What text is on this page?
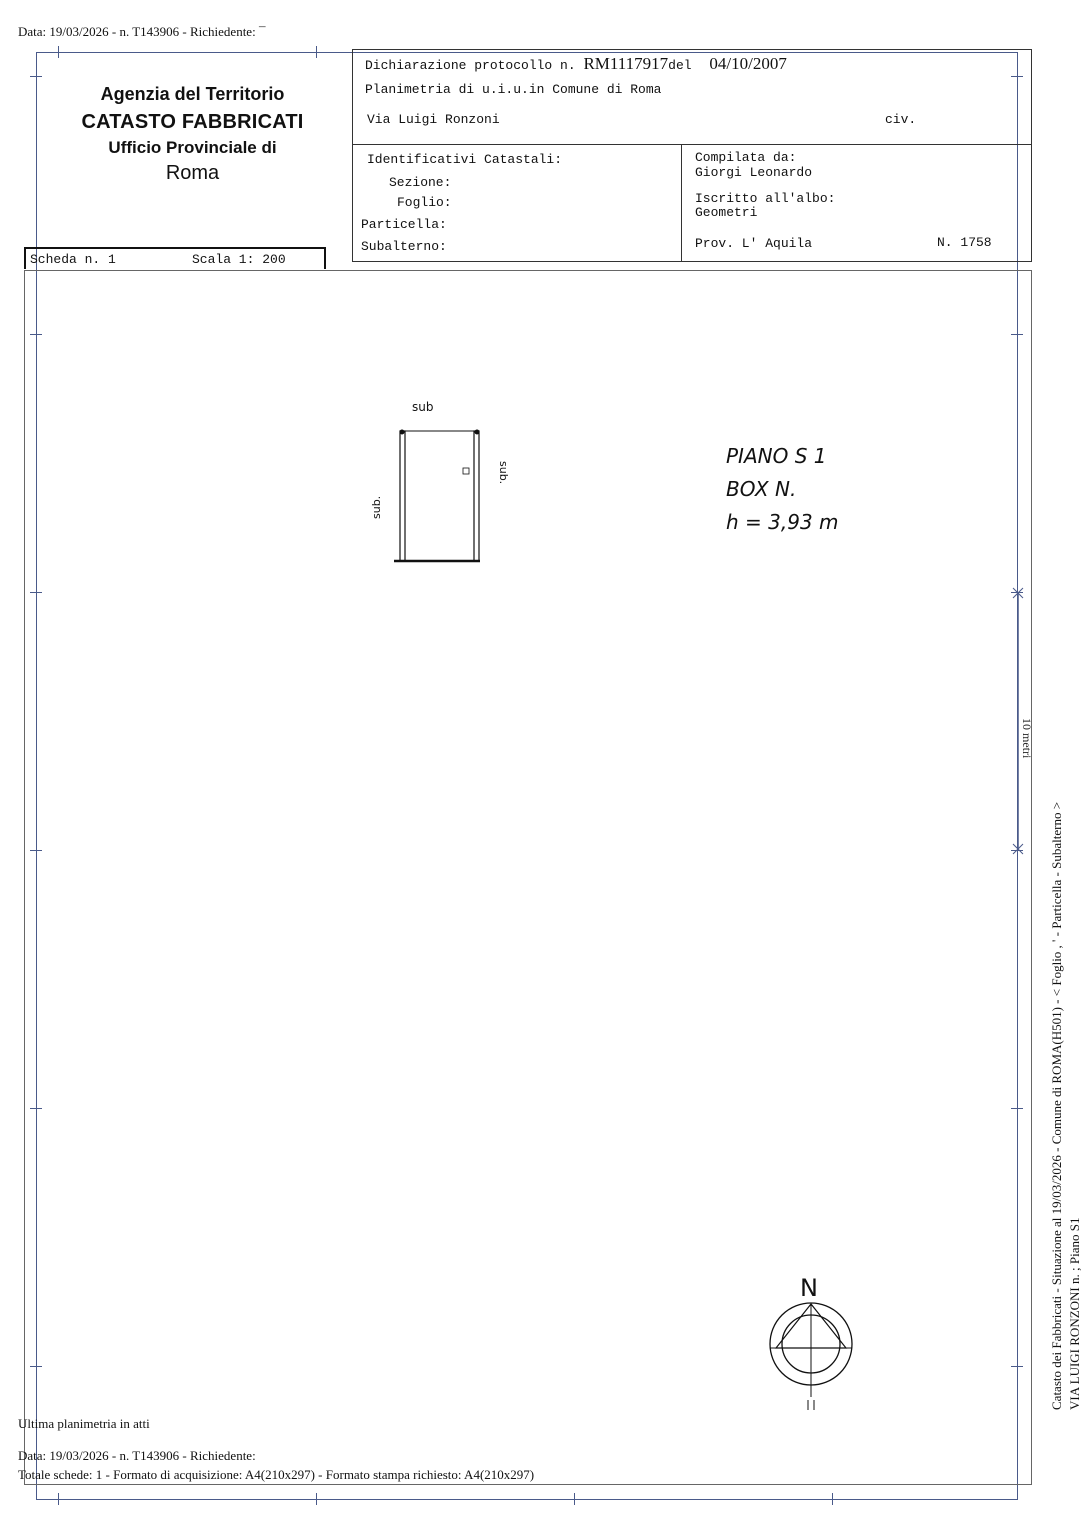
Data: 19/03/2026 - n. T143906 - Richiedente: ¯
Agenzia del Territorio
CATASTO FABBRICATI
Ufficio Provinciale di
Roma
Scheda n. 1	Scala 1: 200
Dichiarazione protocollo n. RM1117917del 04/10/2007
Planimetria di u.i.u.in Comune di Roma
Via Luigi Ronzoni	civ.
Identificativi Catastali:
Sezione:
Foglio:
Particella:
Subalterno:
Compilata da:
Giorgi Leonardo
Iscritto all'albo:
Geometri
Prov. L' Aquila	N. 1758
sub
sub.
sub.
PIANO S 1
BOX N.
h = 3,93 m
10 metri
N	Catasto dei Fabbricati - Situazione al 19/03/2026 - Comune di ROMA(H501) - < Foglio , ' - Particella - Subalterno > VIA LUIGI RONZONI n. ; Piano S1
Ultima planimetria in atti
Data: 19/03/2026 - n. T143906 - Richiedente:
Totale schede: 1 - Formato di acquisizione: A4(210x297) - Formato stampa richiesto: A4(210x297)
